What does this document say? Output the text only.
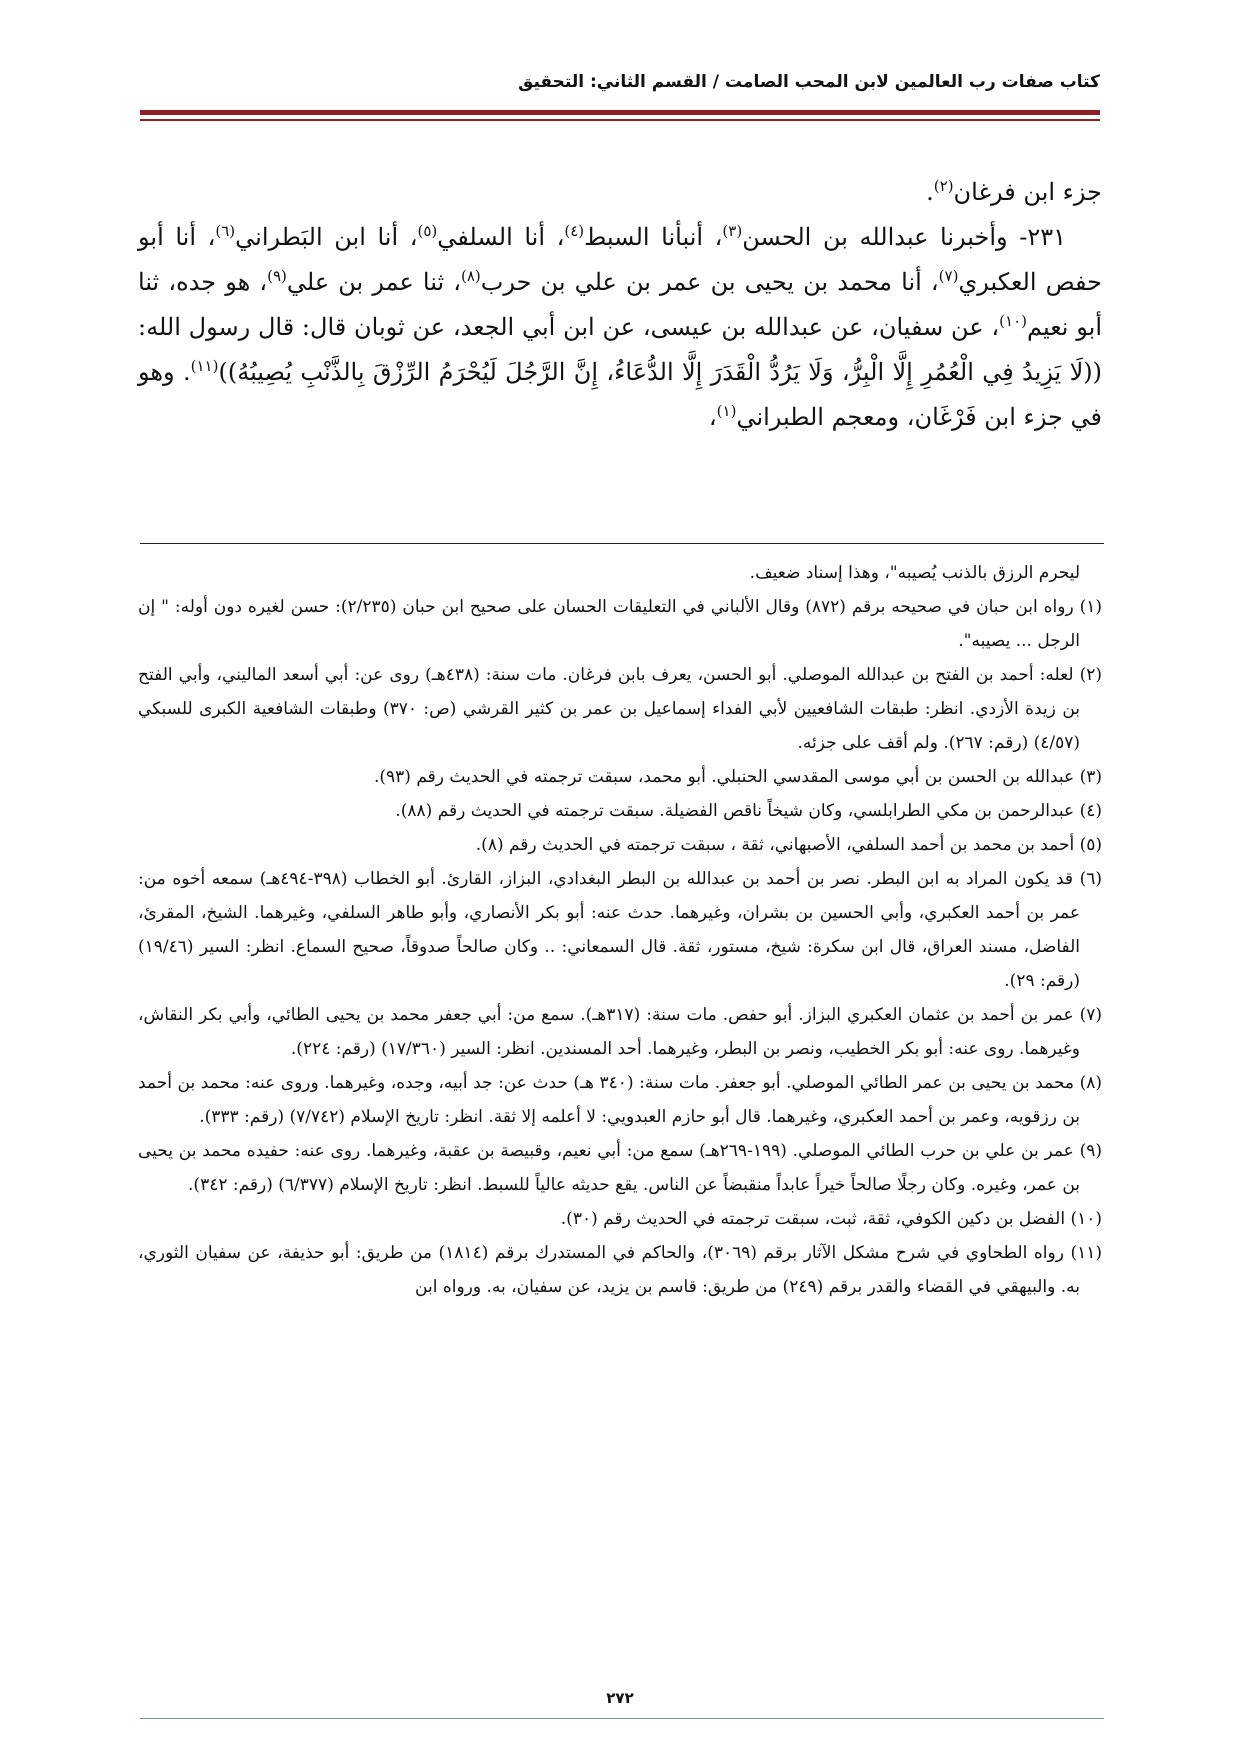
كتاب صفات رب العالمين لابن المحب الصامت / القسم الثاني: التحقيق

جزء ابن فرغان$^{(٢)}$.

٢٣١- وأخبرنا عبدالله بن الحسن$^{(٣)}$، أنبأنا السبط$^{(٤)}$، أنا السلفي$^{(٥)}$، أنا ابن البَطراني$^{(٦)}$، أنا أبو حفص العكبري$^{(٧)}$، أنا محمد بن يحيى بن عمر بن علي بن حرب$^{(٨)}$، ثنا عمر بن علي$^{(٩)}$، هو جده، ثنا أبو نعيم$^{(١٠)}$، عن سفيان، عن عبدالله بن عيسى، عن ابن أبي الجعد، عن ثوبان قال: قال رسول الله: ((لَا يَزِيدُ فِي الْعُمُرِ إِلَّا الْبِرُّ، وَلَا يَرُدُّ الْقَدَرَ إِلَّا الدُّعَاءُ، إِنَّ الرَّجُلَ لَيُحْرَمُ الرِّزْقَ بِالذَّنْبِ يُصِيبُهُ))$^{(١١)}$. وهو في جزء ابن فَرْغَان، ومعجم الطبراني$^{(١)}$،

ليحرم الرزق بالذنب يُصيبه"، وهذا إسناد ضعيف.

(١) رواه ابن حبان في صحيحه برقم (٨٧٢) وقال الألباني في التعليقات الحسان على صحيح ابن حبان (٢/٢٣٥): حسن لغيره دون أوله: " إن الرجل ... يصيبه".

(٢) لعله: أحمد بن الفتح بن عبدالله الموصلي. أبو الحسن، يعرف بابن فرغان. مات سنة: (٤٣٨هـ) روى عن: أبي أسعد الماليني، وأبي الفتح بن زيدة الأزدي. انظر: طبقات الشافعيين لأبي الفداء إسماعيل بن عمر بن كثير القرشي (ص: ٣٧٠) وطبقات الشافعية الكبرى للسبكي (٤/٥٧) (رقم: ٢٦٧). ولم أقف على جزئه.

(٣) عبدالله بن الحسن بن أبي موسى المقدسي الحنبلي. أبو محمد، سبقت ترجمته في الحديث رقم (٩٣).

(٤) عبدالرحمن بن مكي الطرابلسي، وكان شيخاً ناقص الفضيلة. سبقت ترجمته في الحديث رقم (٨٨).

(٥) أحمد بن محمد بن أحمد السلفي، الأصبهاني، ثقة ، سبقت ترجمته في الحديث رقم (٨).

(٦) قد يكون المراد به ابن البطر. نصر بن أحمد بن عبدالله بن البطر البغدادي، البزاز، القارئ. أبو الخطاب (٣٩٨-٤٩٤هـ) سمعه أخوه من: عمر بن أحمد العكبري، وأبي الحسين بن بشران، وغيرهما. حدث عنه: أبو بكر الأنصاري، وأبو طاهر السلفي، وغيرهما. الشيخ، المقرئ، الفاضل، مسند العراق، قال ابن سكرة: شيخ، مستور، ثقة. قال السمعاني: .. وكان صالحاً صدوقاً، صحيح السماع. انظر: السير (١٩/٤٦) (رقم: ٢٩).

(٧) عمر بن أحمد بن عثمان العكبري البزاز. أبو حفص. مات سنة: (٣١٧هـ). سمع من: أبي جعفر محمد بن يحيى الطائي، وأبي بكر النقاش، وغيرهما. روى عنه: أبو بكر الخطيب، ونصر بن البطر، وغيرهما. أحد المسندين. انظر: السير (١٧/٣٦٠) (رقم: ٢٢٤).

(٨) محمد بن يحيى بن عمر الطائي الموصلي. أبو جعفر. مات سنة: (٣٤٠ هـ) حدث عن: جد أبيه، وجده، وغيرهما. وروى عنه: محمد بن أحمد بن رزقويه، وعمر بن أحمد العكبري، وغيرهما. قال أبو حازم العبدويي: لا أعلمه إلا ثقة. انظر: تاريخ الإسلام (٧/٧٤٢) (رقم: ٣٣٣).

(٩) عمر بن علي بن حرب الطائي الموصلي. (١٩٩-٢٦٩هـ) سمع من: أبي نعيم، وقبيصة بن عقبة، وغيرهما. روى عنه: حفيده محمد بن يحيى بن عمر، وغيره. وكان رجلًا صالحاً خيراً عابداً منقبضاً عن الناس. يقع حديثه عالياً للسبط. انظر: تاريخ الإسلام (٦/٣٧٧) (رقم: ٣٤٢).

(١٠) الفضل بن دكين الكوفي، ثقة، ثبت، سبقت ترجمته في الحديث رقم (٣٠).

(١١) رواه الطحاوي في شرح مشكل الآثار برقم (٣٠٦٩)، والحاكم في المستدرك برقم (١٨١٤) من طريق: أبو حذيفة، عن سفيان الثوري، به. والبيهقي في القضاء والقدر برقم (٢٤٩) من طريق: قاسم بن يزيد، عن سفيان، به. ورواه ابن

٢٧٢
